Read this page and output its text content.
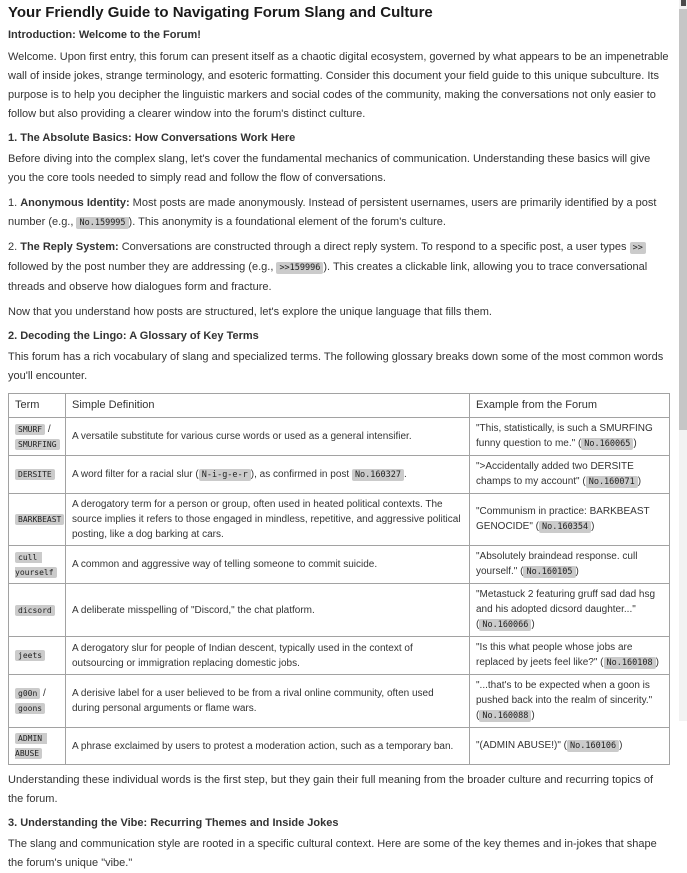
Your Friendly Guide to Navigating Forum Slang and Culture
Introduction: Welcome to the Forum!

Welcome. Upon first entry, this forum can present itself as a chaotic digital ecosystem, governed by what appears to be an impenetrable wall of inside jokes, strange terminology, and esoteric formatting. Consider this document your field guide to this unique subculture. Its purpose is to help you decipher the linguistic markers and social codes of the community, making the conversations not only easier to follow but also providing a clearer window into the forum's distinct culture.

1. The Absolute Basics: How Conversations Work Here

Before diving into the complex slang, let's cover the fundamental mechanics of communication. Understanding these basics will give you the core tools needed to simply read and follow the flow of conversations.

1. Anonymous Identity: Most posts are made anonymously. Instead of persistent usernames, users are primarily identified by a post number (e.g., No.159995 ). This anonymity is a foundational element of the forum's culture.

2. The Reply System: Conversations are constructed through a direct reply system. To respond to a specific post, a user types >> followed by the post number they are addressing (e.g., >>159996 ). This creates a clickable link, allowing you to trace conversational threads and observe how dialogues form and fracture.

Now that you understand how posts are structured, let's explore the unique language that fills them.

2. Decoding the Lingo: A Glossary of Key Terms

This forum has a rich vocabulary of slang and specialized terms. The following glossary breaks down some of the most common words you'll encounter.

Term	Simple Definition	Example from the Forum
SMURF / SMURFING	A versatile substitute for various curse words or used as a general intensifier.	"This, statistically, is such a SMURFING funny question to me." ( No.160065 )
DERSITE	A word filter for a racial slur ( N-i-g-e-r ), as confirmed in post No.160327 .	">Accidentally added two DERSITE champs to my account" ( No.160071 )
BARKBEAST	A derogatory term for a person or group, often used in heated political contexts. The source implies it refers to those engaged in mindless, repetitive, and aggressive political posting, like a dog barking at cars.	"Communism in practice: BARKBEAST GENOCIDE" ( No.160354 )
cull yourself	A common and aggressive way of telling someone to commit suicide.	"Absolutely braindead response. cull yourself." ( No.160105 )
dicsord	A deliberate misspelling of "Discord," the chat platform.	"Metastuck 2 featuring gruff sad dad hsg and his adopted dicsord daughter..." ( No.160066 )
jeets	A derogatory slur for people of Indian descent, typically used in the context of outsourcing or immigration replacing domestic jobs.	"Is this what people whose jobs are replaced by jeets feel like?" ( No.160108 )
g00n / goons	A derisive label for a user believed to be from a rival online community, often used during personal arguments or flame wars.	"...that's to be expected when a goon is pushed back into the realm of sincerity." ( No.160088 )
ADMIN ABUSE	A phrase exclaimed by users to protest a moderation action, such as a temporary ban.	"(ADMIN ABUSE!)" ( No.160106 )

Understanding these individual words is the first step, but they gain their full meaning from the broader culture and recurring topics of the forum.

3. Understanding the Vibe: Recurring Themes and Inside Jokes

The slang and communication style are rooted in a specific cultural context. Here are some of the key themes and in-jokes that shape the forum's unique "vibe."
